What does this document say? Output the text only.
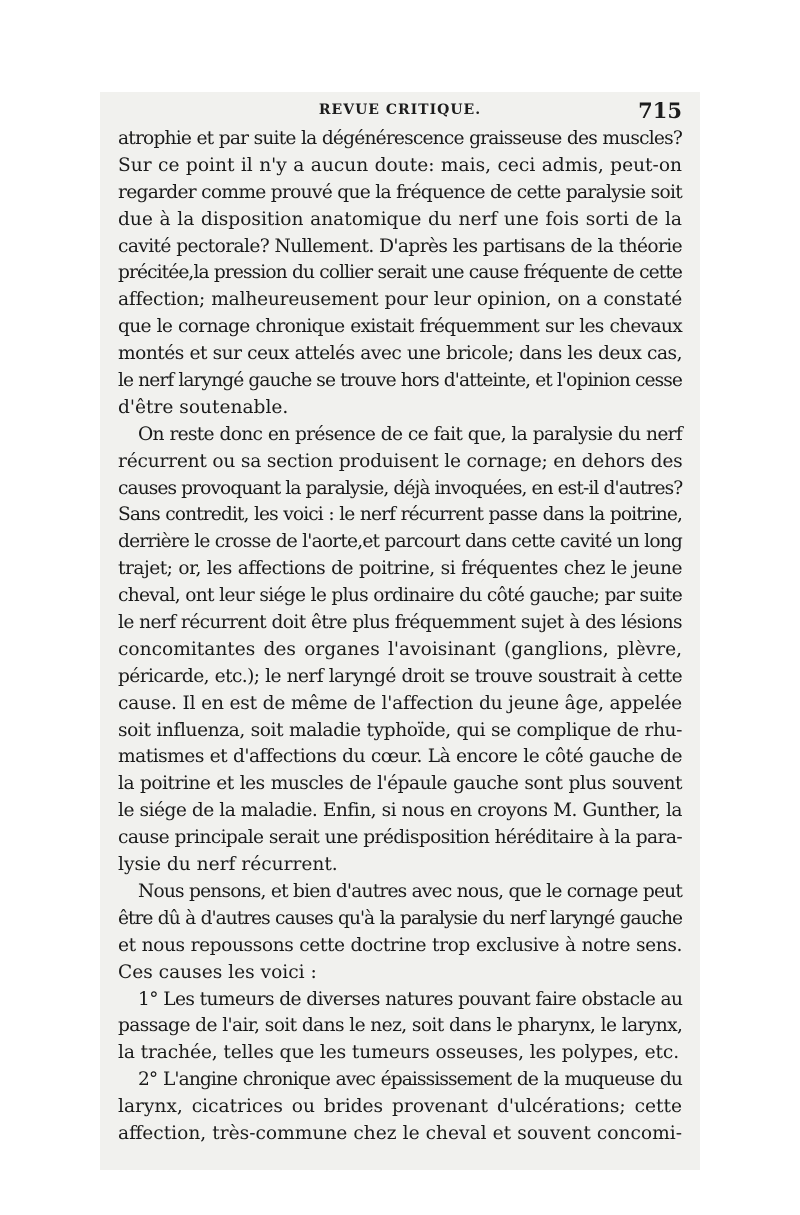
REVUE CRITIQUE.	715
atrophie et par suite la dégénérescence graisseuse des muscles?
Sur ce point il n'y a aucun doute: mais, ceci admis, peut-on
regarder comme prouvé que la fréquence de cette paralysie soit
due à la disposition anatomique du nerf une fois sorti de la
cavité pectorale? Nullement. D'après les partisans de la théorie
précitée,la pression du collier serait une cause fréquente de cette
affection; malheureusement pour leur opinion, on a constaté
que le cornage chronique existait fréquemment sur les chevaux
montés et sur ceux attelés avec une bricole; dans les deux cas,
le nerf laryngé gauche se trouve hors d'atteinte, et l'opinion cesse
d'être soutenable.
On reste donc en présence de ce fait que, la paralysie du nerf
récurrent ou sa section produisent le cornage; en dehors des
causes provoquant la paralysie, déjà invoquées, en est-il d'autres?
Sans contredit, les voici : le nerf récurrent passe dans la poitrine,
derrière le crosse de l'aorte,et parcourt dans cette cavité un long
trajet; or, les affections de poitrine, si fréquentes chez le jeune
cheval, ont leur siége le plus ordinaire du côté gauche; par suite
le nerf récurrent doit être plus fréquemment sujet à des lésions
concomitantes des organes l'avoisinant (ganglions, plèvre,
péricarde, etc.); le nerf laryngé droit se trouve soustrait à cette
cause. Il en est de même de l'affection du jeune âge, appelée
soit influenza, soit maladie typhoïde, qui se complique de rhu-
matismes et d'affections du cœur. Là encore le côté gauche de
la poitrine et les muscles de l'épaule gauche sont plus souvent
le siége de la maladie. Enfin, si nous en croyons M. Gunther, la
cause principale serait une prédisposition héréditaire à la para-
lysie du nerf récurrent.
Nous pensons, et bien d'autres avec nous, que le cornage peut
être dû à d'autres causes qu'à la paralysie du nerf laryngé gauche
et nous repoussons cette doctrine trop exclusive à notre sens.
Ces causes les voici :
1° Les tumeurs de diverses natures pouvant faire obstacle au
passage de l'air, soit dans le nez, soit dans le pharynx, le larynx,
la trachée, telles que les tumeurs osseuses, les polypes, etc.
2° L'angine chronique avec épaississement de la muqueuse du
larynx, cicatrices ou brides provenant d'ulcérations; cette
affection, très-commune chez le cheval et souvent concomi-
